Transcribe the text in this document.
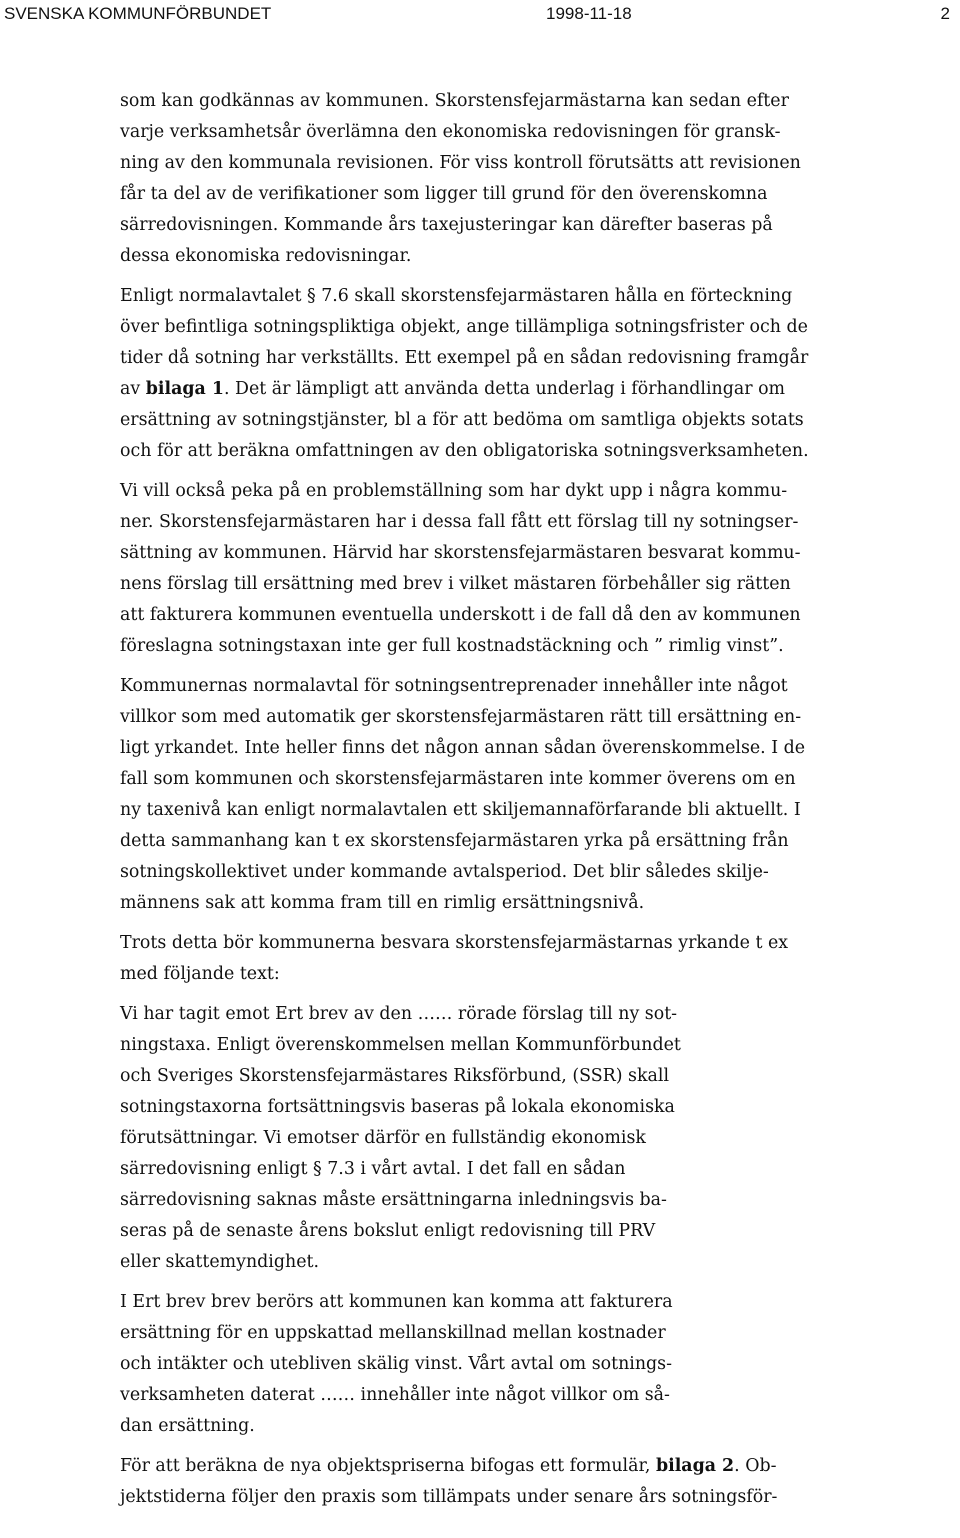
SVENSKA KOMMUNFÖRBUNDET	1998-11-18	2

som kan godkännas av kommunen. Skorstensfejarmästarna kan sedan efter
varje verksamhetsår överlämna den ekonomiska redovisningen för gransk-
ning av den kommunala revisionen. För viss kontroll förutsätts att revisionen
får ta del av de verifikationer som ligger till grund för den överenskomna
särredovisningen. Kommande års taxejusteringar kan därefter baseras på
dessa ekonomiska redovisningar.

Enligt normalavtalet § 7.6 skall skorstensfejarmästaren hålla en förteckning
över befintliga sotningspliktiga objekt, ange tillämpliga sotningsfrister och de
tider då sotning har verkställts. Ett exempel på en sådan redovisning framgår
av bilaga 1. Det är lämpligt att använda detta underlag i förhandlingar om
ersättning av sotningstjänster, bl a för att bedöma om samtliga objekts sotats
och för att beräkna omfattningen av den obligatoriska sotningsverksamheten.

Vi vill också peka på en problemställning som har dykt upp i några kommu-
ner. Skorstensfejarmästaren har i dessa fall fått ett förslag till ny sotningser-
sättning av kommunen. Härvid har skorstensfejarmästaren besvarat kommu-
nens förslag till ersättning med brev i vilket mästaren förbehåller sig rätten
att fakturera kommunen eventuella underskott i de fall då den av kommunen
föreslagna sotningstaxan inte ger full kostnadstäckning och ” rimlig vinst”.

Kommunernas normalavtal för sotningsentreprenader innehåller inte något
villkor som med automatik ger skorstensfejarmästaren rätt till ersättning en-
ligt yrkandet. Inte heller finns det någon annan sådan överenskommelse. I de
fall som kommunen och skorstensfejarmästaren inte kommer överens om en
ny taxenivå kan enligt normalavtalen ett skiljemannaförfarande bli aktuellt. I
detta sammanhang kan t ex skorstensfejarmästaren yrka på ersättning från
sotningskollektivet under kommande avtalsperiod. Det blir således skilje-
männens sak att komma fram till en rimlig ersättningsnivå.

Trots detta bör kommunerna besvara skorstensfejarmästarnas yrkande t ex
med följande text:

Vi har tagit emot Ert brev av den …… rörade förslag till ny sot-
ningstaxa. Enligt överenskommelsen mellan Kommunförbundet
och Sveriges Skorstensfejarmästares Riksförbund, (SSR) skall
sotningstaxorna fortsättningsvis baseras på lokala ekonomiska
förutsättningar. Vi emotser därför en fullständig ekonomisk
särredovisning enligt § 7.3 i vårt avtal. I det fall en sådan
särredovisning saknas måste ersättningarna inledningsvis ba-
seras på de senaste årens bokslut enligt redovisning till PRV
eller skattemyndighet.

I Ert brev brev berörs att kommunen kan komma att fakturera
ersättning för en uppskattad mellanskillnad mellan kostnader
och intäkter och utebliven skälig vinst. Vårt avtal om sotnings-
verksamheten daterat …… innehåller inte något villkor om så-
dan ersättning.

För att beräkna de nya objektspriserna bifogas ett formulär, bilaga 2. Ob-
jektstiderna följer den praxis som tillämpats under senare års sotningsför-
